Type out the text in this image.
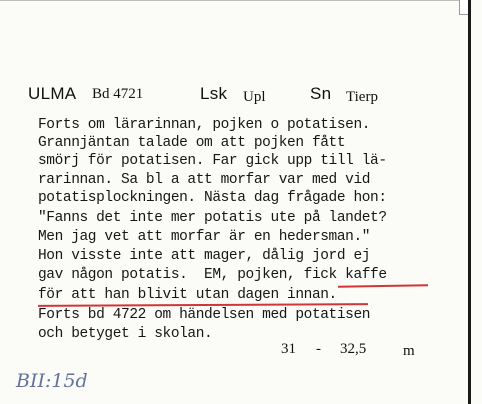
ULMA Bd 4721	Lsk Upl	Sn Tierp
Forts om lärarinnan, pojken o potatisen.
Grannjäntan talade om att pojken fått
smörj för potatisen. Far gick upp till lä-
rarinnan. Sa bl a att morfar var med vid
potatisplockningen. Nästa dag frågade hon:
"Fanns det inte mer potatis ute på landet?
Men jag vet att morfar är en hedersman."
Hon visste inte att mager, dålig jord ej
gav någon potatis.  EM, pojken, fick kaffe
för att han blivit utan dagen innan.
Forts bd 4722 om händelsen med potatisen
och betyget i skolan.
31 - 32,5 m
BII:15d
